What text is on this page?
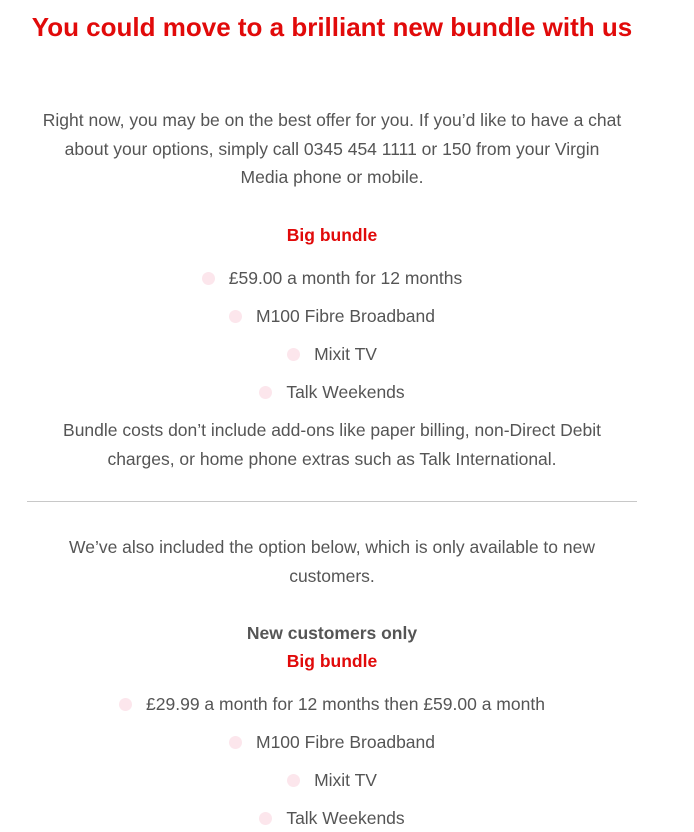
You could move to a brilliant new bundle with us

Right now, you may be on the best offer for you. If you’d like to have a chat about your options, simply call 0345 454 1111 or 150 from your Virgin Media phone or mobile.

Big bundle
£59.00 a month for 12 months
M100 Fibre Broadband
Mixit TV
Talk Weekends

Bundle costs don’t include add-ons like paper billing, non-Direct Debit charges, or home phone extras such as Talk International.

We’ve also included the option below, which is only available to new customers.

New customers only
Big bundle
£29.99 a month for 12 months then £59.00 a month
M100 Fibre Broadband
Mixit TV
Talk Weekends
